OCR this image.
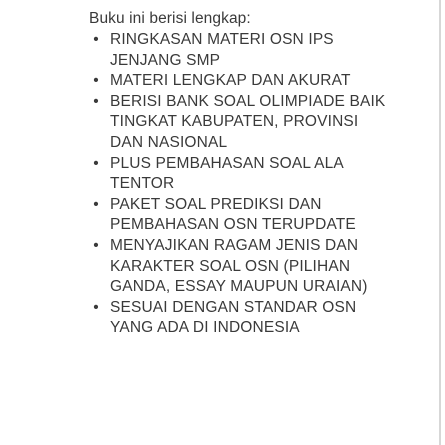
Buku ini berisi lengkap:

• RINGKASAN MATERI OSN IPS JENJANG SMP
• MATERI LENGKAP DAN AKURAT
• BERISI BANK SOAL OLIMPIADE BAIK TINGKAT KABUPATEN, PROVINSI DAN NASIONAL
• PLUS PEMBAHASAN SOAL ALA TENTOR
• PAKET SOAL PREDIKSI DAN PEMBAHASAN OSN TERUPDATE
• MENYAJIKAN RAGAM JENIS DAN KARAKTER SOAL OSN (PILIHAN GANDA, ESSAY MAUPUN URAIAN)
• SESUAI DENGAN STANDAR OSN YANG ADA DI INDONESIA
